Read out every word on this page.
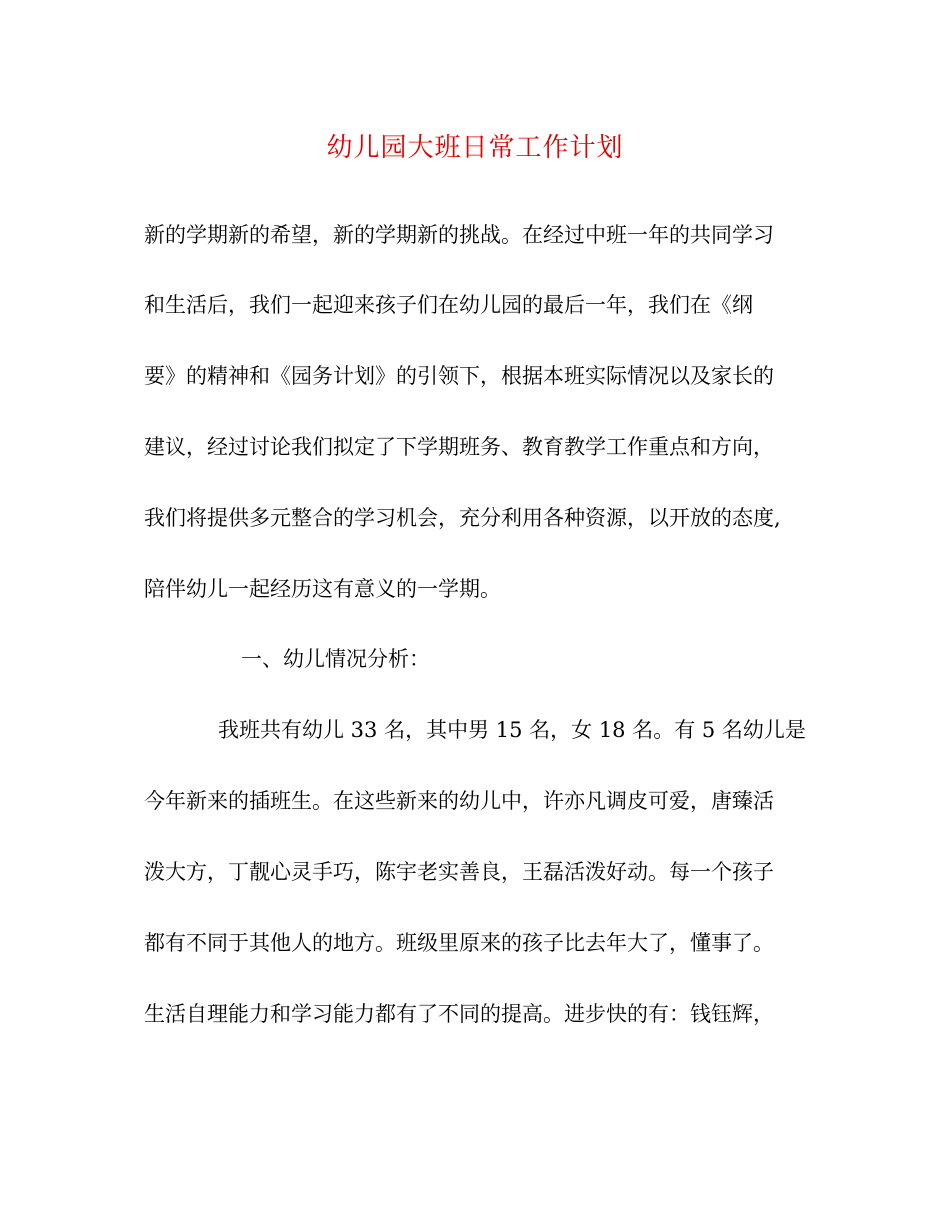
幼儿园大班日常工作计划
新的学期新的希望，新的学期新的挑战。在经过中班一年的共同学习
和生活后，我们一起迎来孩子们在幼儿园的最后一年，我们在《纲
要》的精神和《园务计划》的引领下，根据本班实际情况以及家长的
建议，经过讨论我们拟定了下学期班务、教育教学工作重点和方向，
我们将提供多元整合的学习机会，充分利用各种资源，以开放的态度,
陪伴幼儿一起经历这有意义的一学期。
一、幼儿情况分析：
我班共有幼儿 33 名，其中男 15 名，女 18 名。有 5 名幼儿是
今年新来的插班生。在这些新来的幼儿中，许亦凡调皮可爱，唐臻活
泼大方，丁靓心灵手巧，陈宇老实善良，王磊活泼好动。每一个孩子
都有不同于其他人的地方。班级里原来的孩子比去年大了，懂事了。
生活自理能力和学习能力都有了不同的提高。进步快的有：钱钰辉，
